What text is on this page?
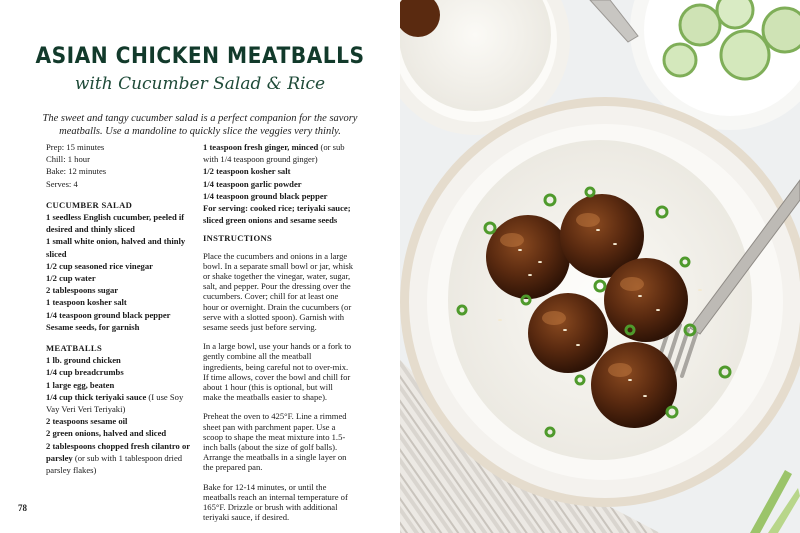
ASIAN CHICKEN MEATBALLS
with Cucumber Salad & Rice
The sweet and tangy cucumber salad is a perfect companion for the savory meatballs. Use a mandoline to quickly slice the veggies very thinly.

Prep: 15 minutes

Chill: 1 hour

Bake: 12 minutes

Serves: 4

CUCUMBER SALAD

1 seedless English cucumber, peeled if desired and thinly sliced

1 small white onion, halved and thinly sliced

1/2 cup seasoned rice vinegar

1/2 cup water

2 tablespoons sugar

1 teaspoon kosher salt

1/4 teaspoon ground black pepper

Sesame seeds, for garnish

MEATBALLS

1 lb. ground chicken

1/4 cup breadcrumbs

1 large egg, beaten

1/4 cup thick teriyaki sauce (I use Soy Vay Veri Veri Teriyaki)

2 teaspoons sesame oil

2 green onions, halved and sliced

2 tablespoons chopped fresh cilantro or parsley (or sub with 1 tablespoon dried parsley flakes)

1 teaspoon fresh ginger, minced (or sub with 1/4 teaspoon ground ginger)

1/2 teaspoon kosher salt

1/4 teaspoon garlic powder

1/4 teaspoon ground black pepper

For serving: cooked rice; teriyaki sauce; sliced green onions and sesame seeds

INSTRUCTIONS

Place the cucumbers and onions in a large bowl. In a separate small bowl or jar, whisk or shake together the vinegar, water, sugar, salt, and pepper. Pour the dressing over the cucumbers. Cover; chill for at least one hour or overnight. Drain the cucumbers (or serve with a slotted spoon). Garnish with sesame seeds just before serving.

In a large bowl, use your hands or a fork to gently combine all the meatball ingredients, being careful not to over-mix. If time allows, cover the bowl and chill for about 1 hour (this is optional, but will make the meatballs easier to shape).

Preheat the oven to 425°F. Line a rimmed sheet pan with parchment paper. Use a scoop to shape the meat mixture into 1.5-inch balls (about the size of golf balls). Arrange the meatballs in a single layer on the prepared pan.

Bake for 12-14 minutes, or until the meatballs reach an internal temperature of 165°F. Drizzle or brush with additional teriyaki sauce, if desired.

78
